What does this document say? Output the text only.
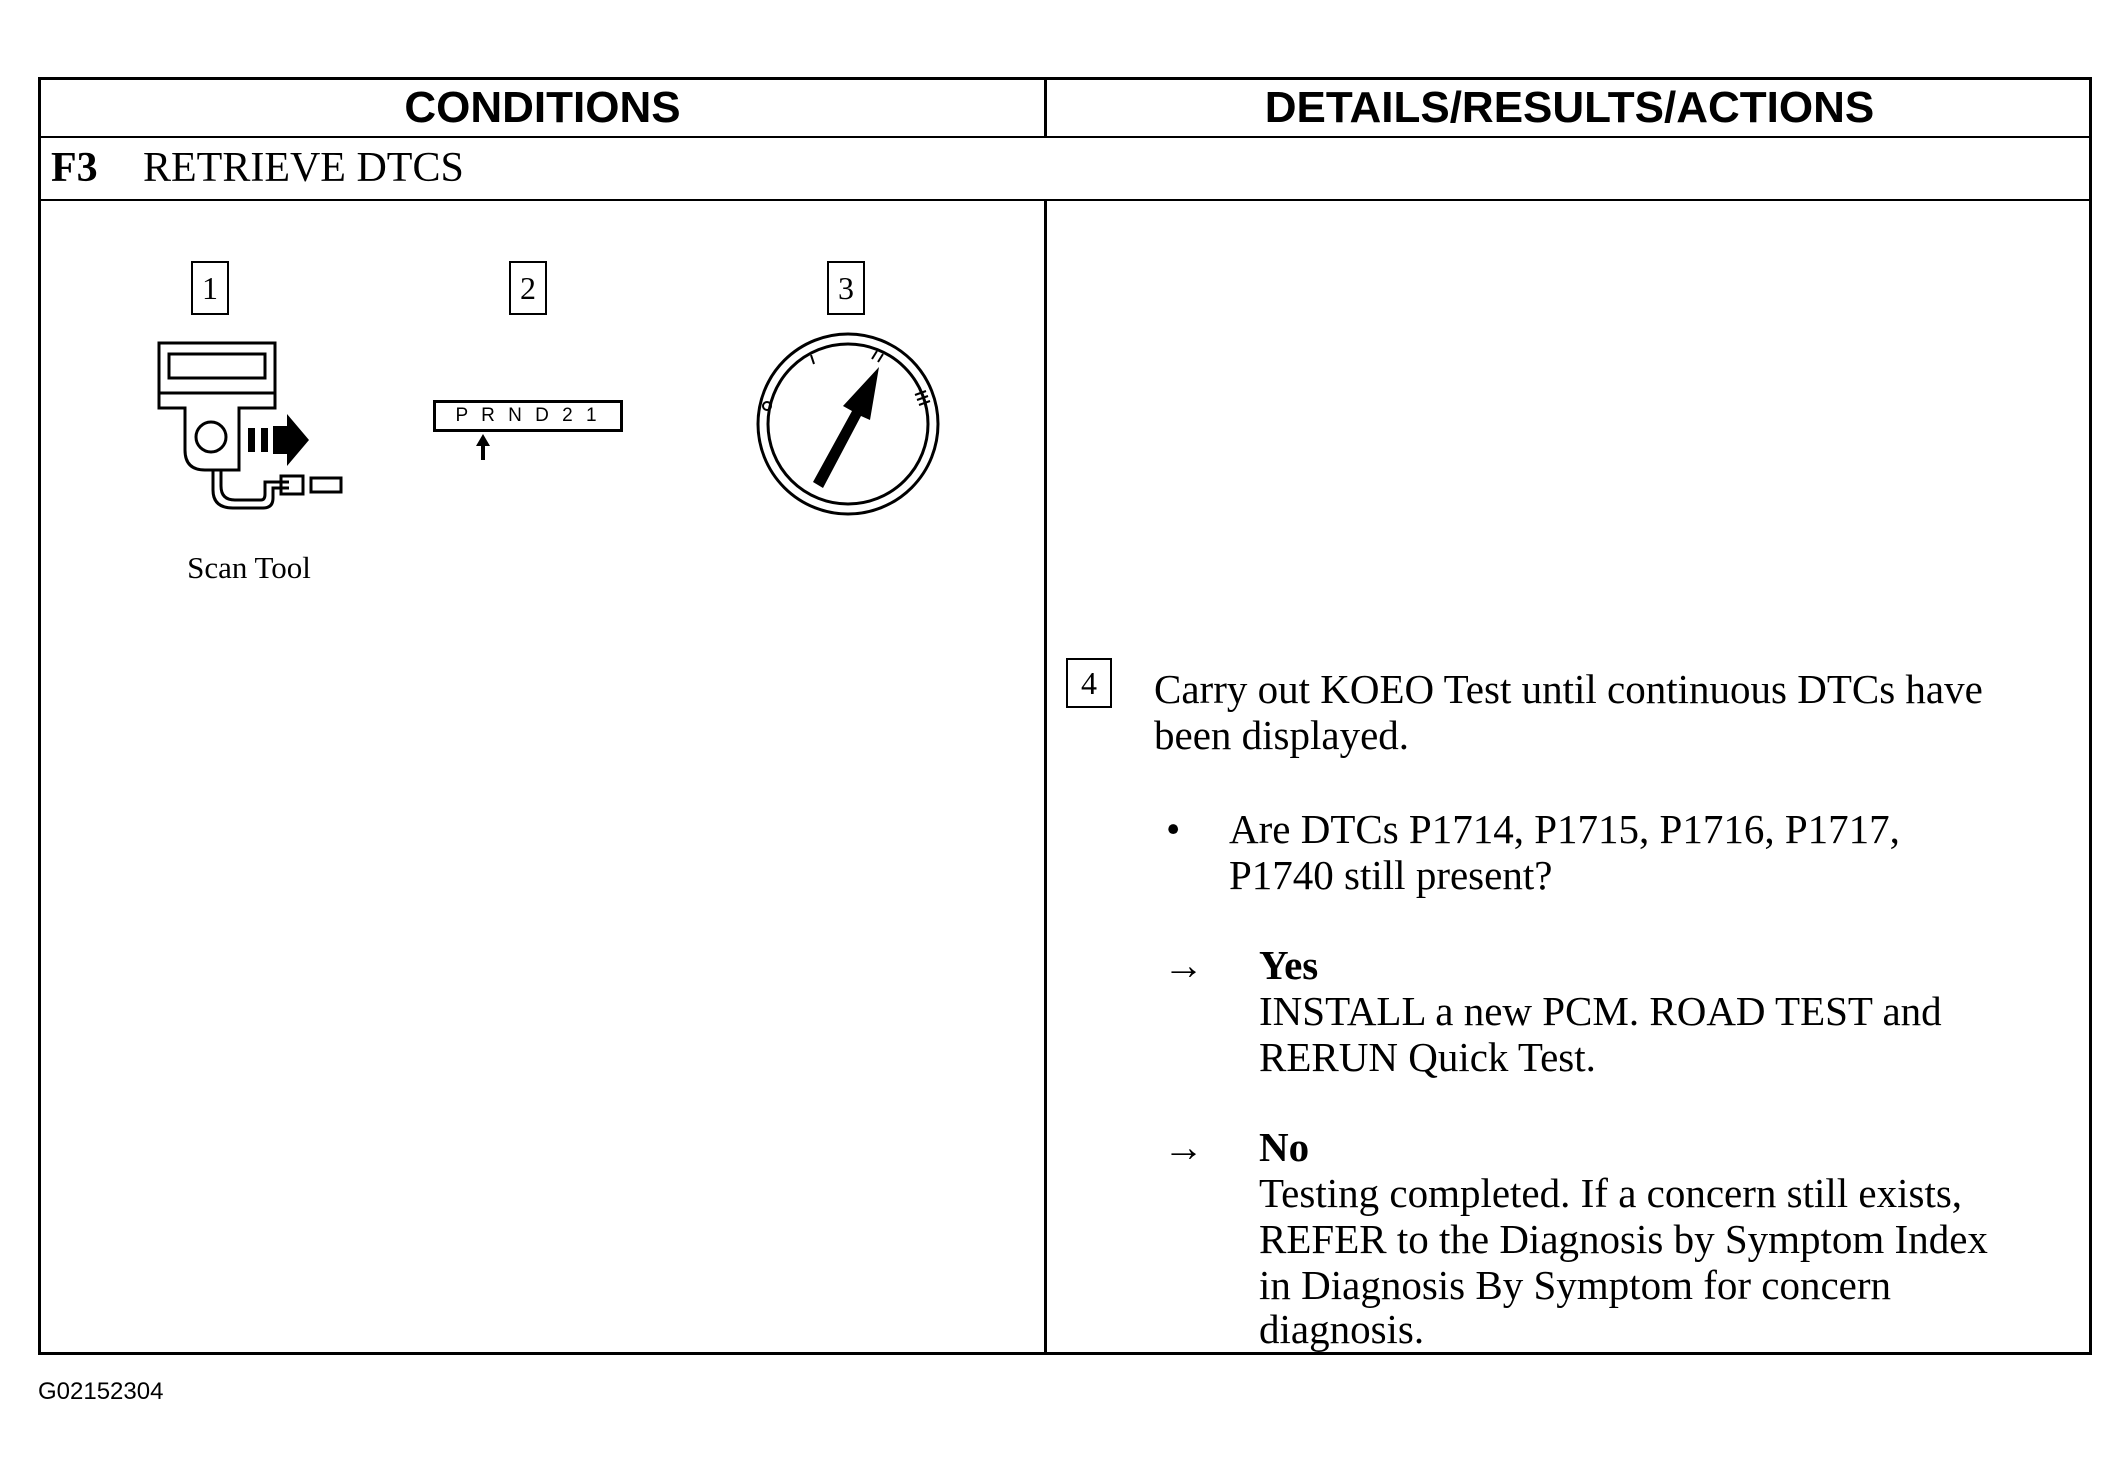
CONDITIONS	DETAILS/RESULTS/ACTIONS
F3	RETRIEVE DTCS
1	2	3
Scan Tool
P R N D 2 1
4	Carry out KOEO Test until continuous DTCs have
been displayed.
• Are DTCs P1714, P1715, P1716, P1717,
P1740 still present?
→ Yes
INSTALL a new PCM. ROAD TEST and
RERUN Quick Test.
→ No
Testing completed. If a concern still exists,
REFER to the Diagnosis by Symptom Index
in Diagnosis By Symptom for concern
diagnosis.
G02152304
